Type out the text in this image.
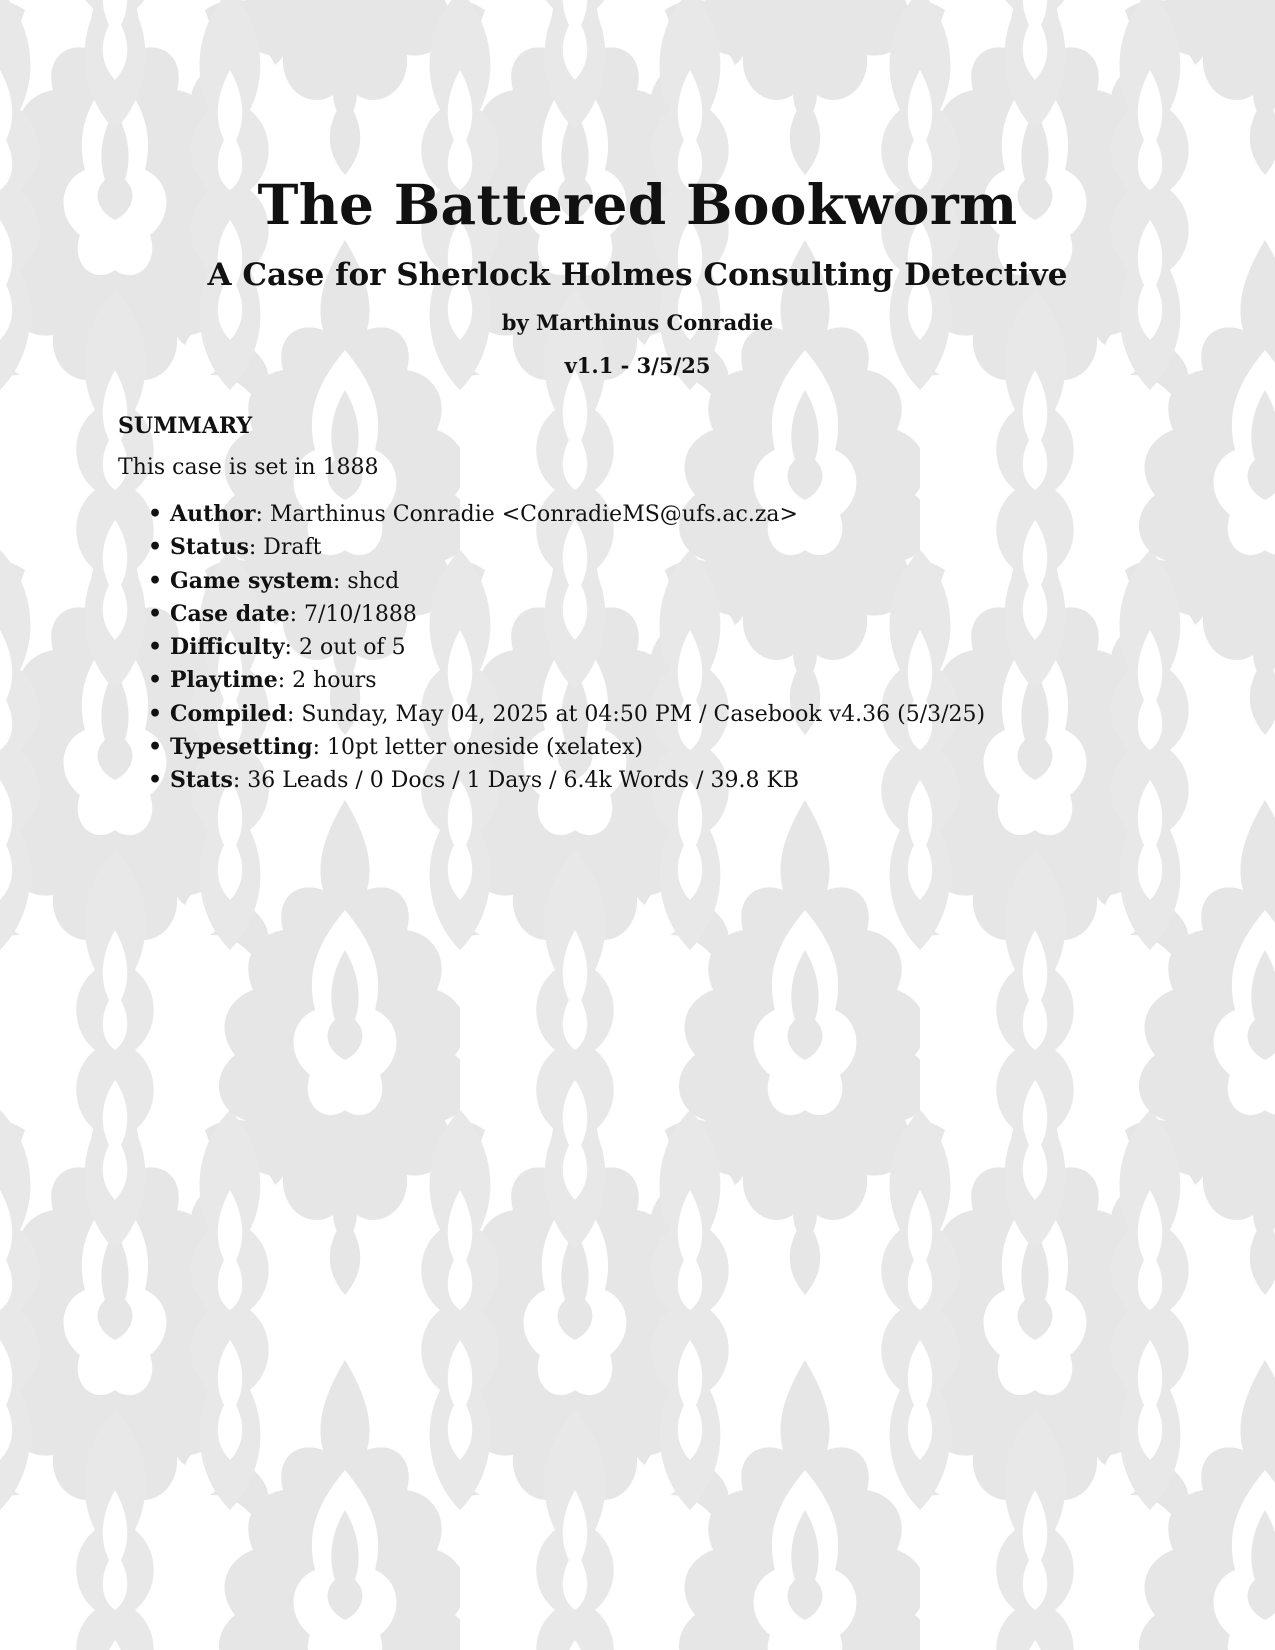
The Battered Bookworm
A Case for Sherlock Holmes Consulting Detective
by Marthinus Conradie
v1.1 - 3/5/25
SUMMARY
This case is set in 1888
• Author: Marthinus Conradie <ConradieMS@ufs.ac.za>
• Status: Draft
• Game system: shcd
• Case date: 7/10/1888
• Difficulty: 2 out of 5
• Playtime: 2 hours
• Compiled: Sunday, May 04, 2025 at 04:50 PM / Casebook v4.36 (5/3/25)
• Typesetting: 10pt letter oneside (xelatex)
• Stats: 36 Leads / 0 Docs / 1 Days / 6.4k Words / 39.8 KB
